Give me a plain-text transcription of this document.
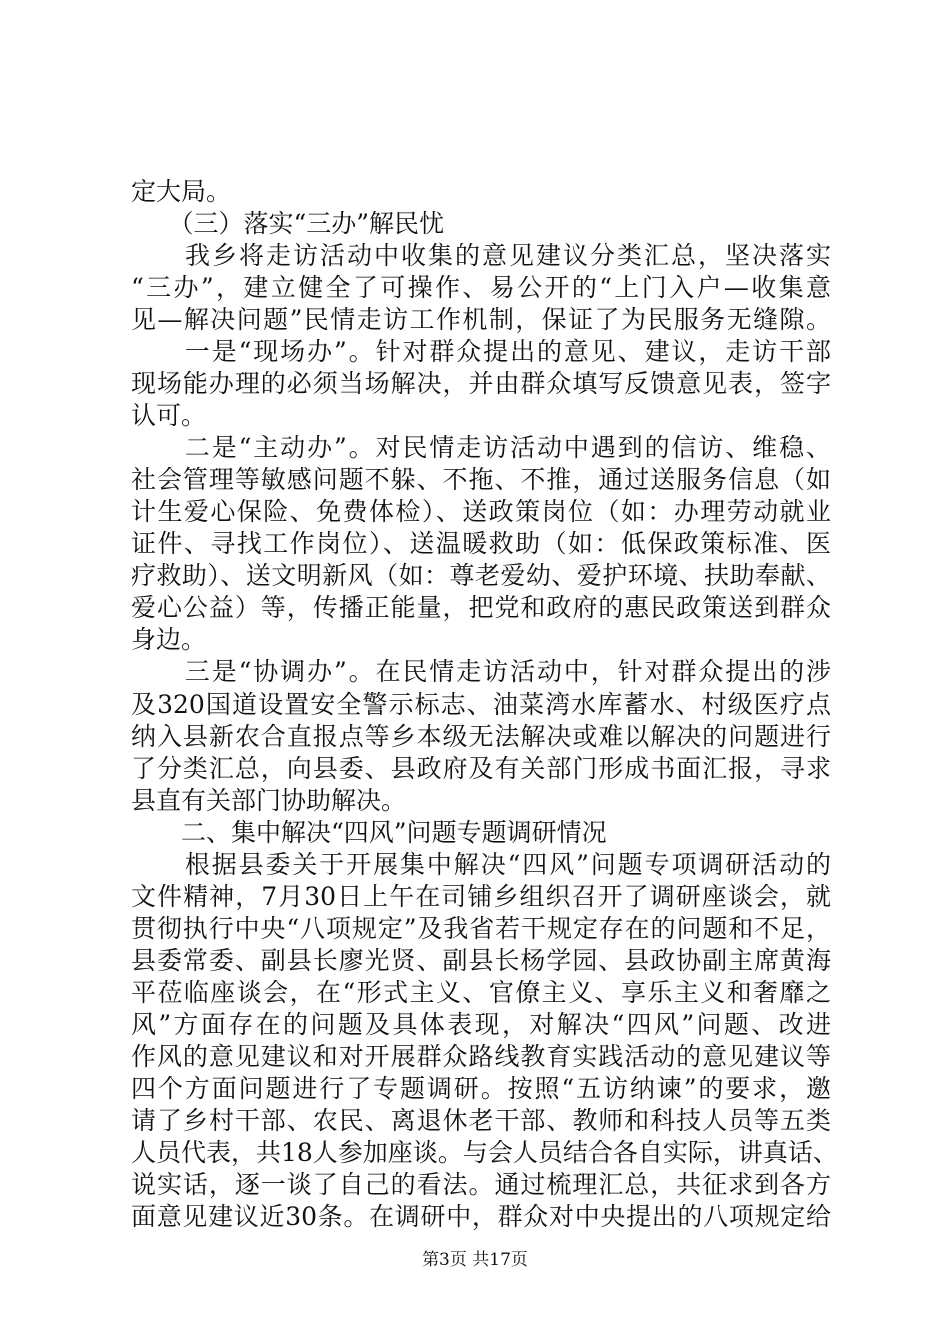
定大局。
　　（三）落实“三办”解民忧
　　我乡将走访活动中收集的意见建议分类汇总，坚决落实
“三办”，建立健全了可操作、易公开的“上门入户—收集意
见—解决问题”民情走访工作机制，保证了为民服务无缝隙。
　　一是“现场办”。针对群众提出的意见、建议，走访干部
现场能办理的必须当场解决，并由群众填写反馈意见表，签字
认可。
　　二是“主动办”。对民情走访活动中遇到的信访、维稳、
社会管理等敏感问题不躲、不拖、不推，通过送服务信息（如
计生爱心保险、免费体检）、送政策岗位（如：办理劳动就业
证件、寻找工作岗位）、送温暖救助（如：低保政策标准、医
疗救助）、送文明新风（如：尊老爱幼、爱护环境、扶助奉献、
爱心公益）等，传播正能量，把党和政府的惠民政策送到群众
身边。
　　三是“协调办”。在民情走访活动中，针对群众提出的涉
及320国道设置安全警示标志、油菜湾水库蓄水、村级医疗点
纳入县新农合直报点等乡本级无法解决或难以解决的问题进行
了分类汇总，向县委、县政府及有关部门形成书面汇报，寻求
县直有关部门协助解决。
　　二、集中解决“四风”问题专题调研情况
　　根据县委关于开展集中解决“四风”问题专项调研活动的
文件精神，7月30日上午在司铺乡组织召开了调研座谈会，就
贯彻执行中央“八项规定”及我省若干规定存在的问题和不足，
县委常委、副县长廖光贤、副县长杨学园、县政协副主席黄海
平莅临座谈会，在“形式主义、官僚主义、享乐主义和奢靡之
风”方面存在的问题及具体表现，对解决“四风”问题、改进
作风的意见建议和对开展群众路线教育实践活动的意见建议等
四个方面问题进行了专题调研。按照“五访纳谏”的要求，邀
请了乡村干部、农民、离退休老干部、教师和科技人员等五类
人员代表，共18人参加座谈。与会人员结合各自实际，讲真话、
说实话，逐一谈了自己的看法。通过梳理汇总，共征求到各方
面意见建议近30条。在调研中，群众对中央提出的八项规定给
第3页 共17页
